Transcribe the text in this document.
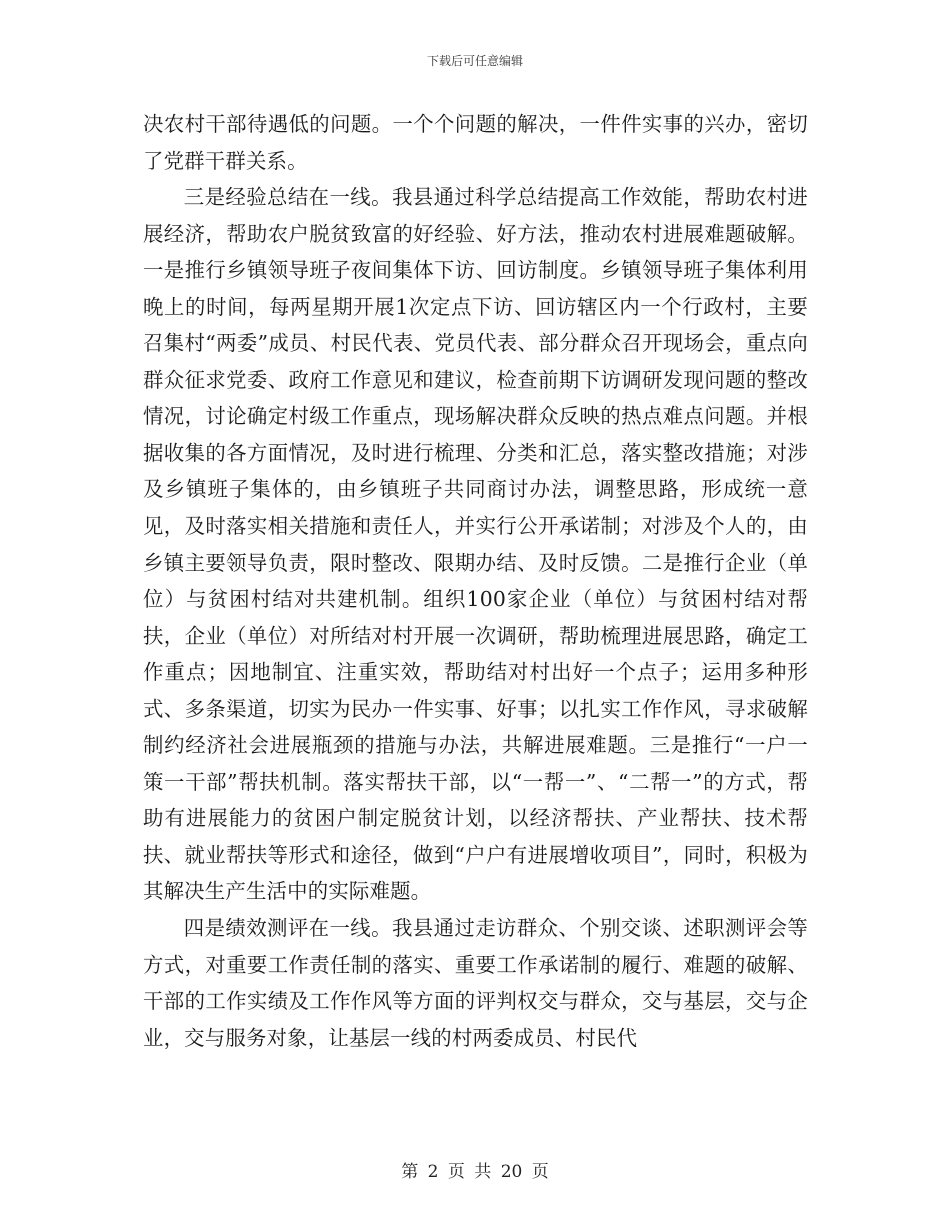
下载后可任意编辑

决农村干部待遇低的问题。一个个问题的解决，一件件实事的兴办，密切了党群干群关系。

三是经验总结在一线。我县通过科学总结提高工作效能，帮助农村进展经济，帮助农户脱贫致富的好经验、好方法，推动农村进展难题破解。一是推行乡镇领导班子夜间集体下访、回访制度。乡镇领导班子集体利用晚上的时间，每两星期开展1次定点下访、回访辖区内一个行政村，主要召集村“两委”成员、村民代表、党员代表、部分群众召开现场会，重点向群众征求党委、政府工作意见和建议，检查前期下访调研发现问题的整改情况，讨论确定村级工作重点，现场解决群众反映的热点难点问题。并根据收集的各方面情况，及时进行梳理、分类和汇总，落实整改措施；对涉及乡镇班子集体的，由乡镇班子共同商讨办法，调整思路，形成统一意见，及时落实相关措施和责任人，并实行公开承诺制；对涉及个人的，由乡镇主要领导负责，限时整改、限期办结、及时反馈。二是推行企业（单位）与贫困村结对共建机制。组织100家企业（单位）与贫困村结对帮扶，企业（单位）对所结对村开展一次调研，帮助梳理进展思路，确定工作重点；因地制宜、注重实效，帮助结对村出好一个点子；运用多种形式、多条渠道，切实为民办一件实事、好事；以扎实工作作风，寻求破解制约经济社会进展瓶颈的措施与办法，共解进展难题。三是推行“一户一策一干部”帮扶机制。落实帮扶干部，以“一帮一”、“二帮一”的方式，帮助有进展能力的贫困户制定脱贫计划，以经济帮扶、产业帮扶、技术帮扶、就业帮扶等形式和途径，做到“户户有进展增收项目”，同时，积极为其解决生产生活中的实际难题。

四是绩效测评在一线。我县通过走访群众、个别交谈、述职测评会等方式，对重要工作责任制的落实、重要工作承诺制的履行、难题的破解、干部的工作实绩及工作作风等方面的评判权交与群众，交与基层，交与企业，交与服务对象，让基层一线的村两委成员、村民代

第 2 页 共 20 页
